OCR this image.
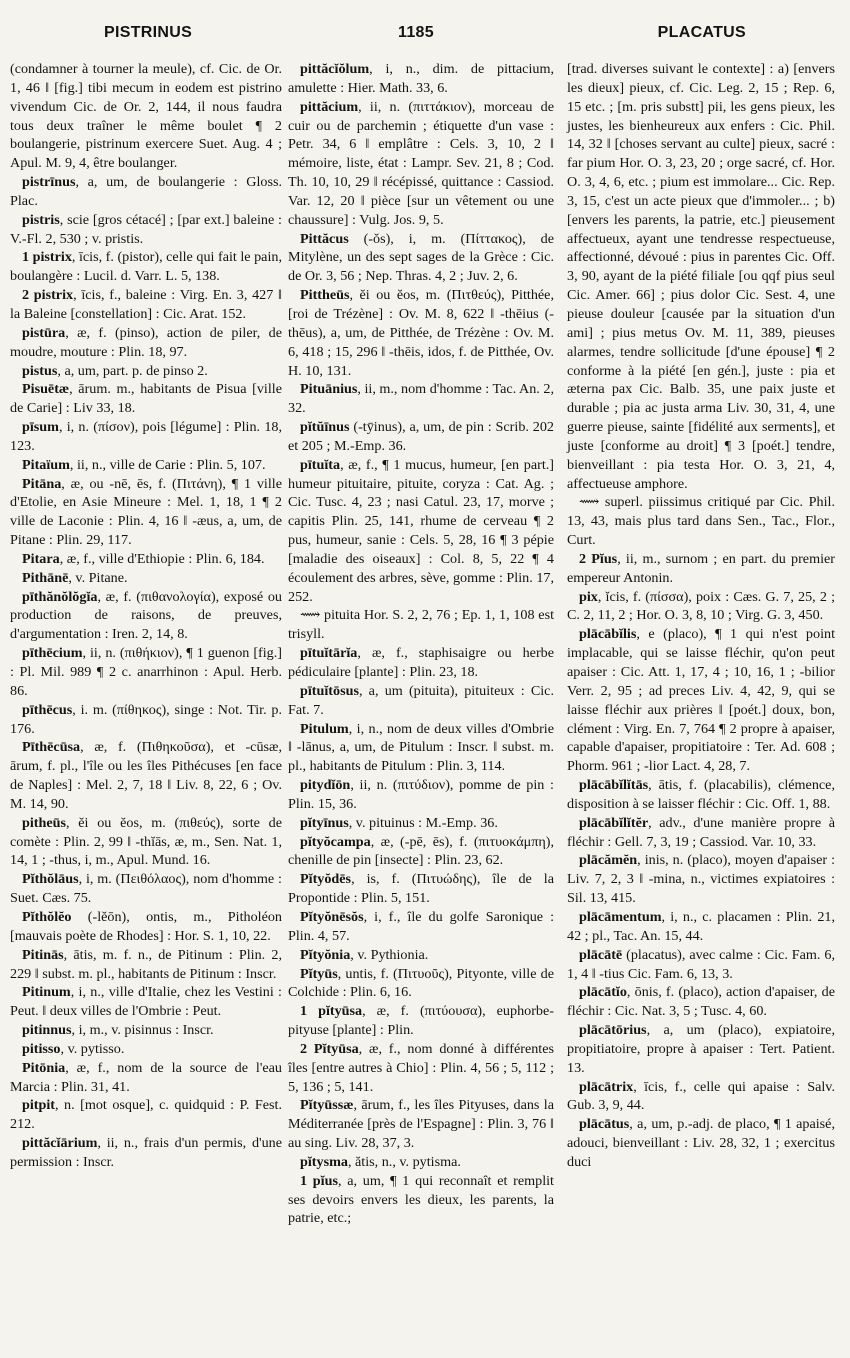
PISTRINUS	1185	PLACATUS

(condamner à tourner la meule), cf. Cic. de Or. 1, 46 ‖ [fig.] tibi mecum in eodem est pistrino vivendum Cic. de Or. 2, 144, il nous faudra tous deux traîner le même boulet ¶ 2 boulangerie, pistrinum exercere Suet. Aug. 4 ; Apul. M. 9, 4, être boulanger.

pistrīnus, a, um, de boulangerie : Gloss. Plac.

pistris, scie [gros cétacé] ; [par ext.] baleine : V.-Fl. 2, 530 ; v. pristis.

1 pistrix, īcis, f. (pistor), celle qui fait le pain, boulangère : Lucil. d. Varr. L. 5, 138.

2 pistrix, īcis, f., baleine : Virg. En. 3, 427 ‖ la Baleine [constellation] : Cic. Arat. 152.

pistūra, æ, f. (pinso), action de piler, de moudre, mouture : Plin. 18, 97.

pistus, a, um, part. p. de pinso 2.

Pisuētæ, ārum. m., habitants de Pisua [ville de Carie] : Liv 33, 18.

pīsum, i, n. (πίσον), pois [légume] : Plin. 18, 123.

Pitaïum, ii, n., ville de Carie : Plin. 5, 107.

Pitāna, æ, ou -nē, ēs, f. (Πιτάνη), ¶ 1 ville d'Etolie, en Asie Mineure : Mel. 1, 18, 1 ¶ 2 ville de Laconie : Plin. 4, 16 ‖ -æus, a, um, de Pitane : Plin. 29, 117.

Pitara, æ, f., ville d'Ethiopie : Plin. 6, 184.

Pithānē, v. Pitane.

pīthănŏlŏgĭa, æ, f. (πιθανολογία), exposé ou production de raisons, de preuves, d'argumentation : Iren. 2, 14, 8.

pīthēcium, ii, n. (πιθήκιον), ¶ 1 guenon [fig.] : Pl. Mil. 989 ¶ 2 c. anarrhinon : Apul. Herb. 86.

pīthēcus, i. m. (πίθηκος), singe : Not. Tir. p. 176.

Pīthēcūsa, æ, f. (Πιθηκοῦσα), et -cūsæ, ārum, f. pl., l'île ou les îles Pithécuses [en face de Naples] : Mel. 2, 7, 18 ‖ Liv. 8, 22, 6 ; Ov. M. 14, 90.

pitheūs, ĕi ou ĕos, m. (πιθεύς), sorte de comète : Plin. 2, 99 ‖ -thĭās, æ, m., Sen. Nat. 1, 14, 1 ; -thus, i, m., Apul. Mund. 16.

Pĭthŏlāus, i, m. (Πειθόλαος), nom d'homme : Suet. Cæs. 75.

Pĭthŏlĕo (-lĕōn), ontis, m., Pitholéon [mauvais poète de Rhodes] : Hor. S. 1, 10, 22.

Pitinās, ātis, m. f. n., de Pitinum : Plin. 2, 229 ‖ subst. m. pl., habitants de Pitinum : Inscr.

Pitinum, i, n., ville d'Italie, chez les Vestini : Peut. ‖ deux villes de l'Ombrie : Peut.

pitinnus, i, m., v. pisinnus : Inscr.

pitisso, v. pytisso.

Pitōnia, æ, f., nom de la source de l'eau Marcia : Plin. 31, 41.

pitpit, n. [mot osque], c. quidquid : P. Fest. 212.

pittăcĭārium, ii, n., frais d'un permis, d'une permission : Inscr.

pittăcĭŏlum, i, n., dim. de pittacium, amulette : Hier. Math. 33, 6.

pittăcium, ii, n. (πιττάκιον), morceau de cuir ou de parchemin ; étiquette d'un vase : Petr. 34, 6 ‖ emplâtre : Cels. 3, 10, 2 ‖ mémoire, liste, état : Lampr. Sev. 21, 8 ; Cod. Th. 10, 10, 29 ‖ récépissé, quittance : Cassiod. Var. 12, 20 ‖ pièce [sur un vêtement ou une chaussure] : Vulg. Jos. 9, 5.

Pittăcus (-ŏs), i, m. (Πίττακος), de Mitylène, un des sept sages de la Grèce : Cic. de Or. 3, 56 ; Nep. Thras. 4, 2 ; Juv. 2, 6.

Pittheūs, ĕi ou ĕos, m. (Πιτθεύς), Pitthée, [roi de Trézène] : Ov. M. 8, 622 ‖ -thēius (-thēus), a, um, de Pitthée, de Trézène : Ov. M. 6, 418 ; 15, 296 ‖ -thēis, idos, f. de Pitthée, Ov. H. 10, 131.

Pituānius, ii, m., nom d'homme : Tac. An. 2, 32.

pĭtŭīnus (-tȳinus), a, um, de pin : Scrib. 202 et 205 ; M.-Emp. 36.

pītuĭta, æ, f., ¶ 1 mucus, humeur, [en part.] humeur pituitaire, pituite, coryza : Cat. Ag. ; Cic. Tusc. 4, 23 ; nasi Catul. 23, 17, morve ; capitis Plin. 25, 141, rhume de cerveau ¶ 2 pus, humeur, sanie : Cels. 5, 28, 16 ¶ 3 pépie [maladie des oiseaux] : Col. 8, 5, 22 ¶ 4 écoulement des arbres, sève, gomme : Plin. 17, 252.

⟿ pituita Hor. S. 2, 2, 76 ; Ep. 1, 1, 108 est trisyll.

pītuĭtārĭa, æ, f., staphisaigre ou herbe pédiculaire [plante] : Plin. 23, 18.

pītuĭtōsus, a, um (pituita), pituiteux : Cic. Fat. 7.

Pitulum, i, n., nom de deux villes d'Ombrie ‖ -lānus, a, um, de Pitulum : Inscr. ‖ subst. m. pl., habitants de Pitulum : Plin. 3, 114.

pitydĭōn, ii, n. (πιτύδιον), pomme de pin : Plin. 15, 36.

pĭtyīnus, v. pituinus : M.-Emp. 36.

pĭtyŏcampa, æ, (-pē, ēs), f. (πιτυοκάμπη), chenille de pin [insecte] : Plin. 23, 62.

Pĭtyŏdēs, is, f. (Πιτυώδης), île de la Propontide : Plin. 5, 151.

Pĭtyŏnēsŏs, i, f., île du golfe Saronique : Plin. 4, 57.

Pĭtyŏnia, v. Pythionia.

Pĭtyūs, untis, f. (Πιτυοῦς), Pityonte, ville de Colchide : Plin. 6, 16.

1 pĭtyūsa, æ, f. (πιτύουσα), euphorbe-pityuse [plante] : Plin.

2 Pĭtyūsa, æ, f., nom donné à différentes îles [entre autres à Chio] : Plin. 4, 56 ; 5, 112 ; 5, 136 ; 5, 141.

Pĭtyūssæ, ārum, f., les îles Pityuses, dans la Méditerranée [près de l'Espagne] : Plin. 3, 76 ‖ au sing. Liv. 28, 37, 3.

pĭtysma, ătis, n., v. pytisma.

1 pĭus, a, um, ¶ 1 qui reconnaît et remplit ses devoirs envers les dieux, les parents, la patrie, etc.;

[trad. diverses suivant le contexte] : a) [envers les dieux] pieux, cf. Cic. Leg. 2, 15 ; Rep. 6, 15 etc. ; [m. pris substt] pii, les gens pieux, les justes, les bienheureux aux enfers : Cic. Phil. 14, 32 ‖ [choses servant au culte] pieux, sacré : far pium Hor. O. 3, 23, 20 ; orge sacré, cf. Hor. O. 3, 4, 6, etc. ; pium est immolare... Cic. Rep. 3, 15, c'est un acte pieux que d'immoler... ; b) [envers les parents, la patrie, etc.] pieusement affectueux, ayant une tendresse respectueuse, affectionné, dévoué : pius in parentes Cic. Off. 3, 90, ayant de la piété filiale [ou qqf pius seul Cic. Amer. 66] ; pius dolor Cic. Sest. 4, une pieuse douleur [causée par la situation d'un ami] ; pius metus Ov. M. 11, 389, pieuses alarmes, tendre sollicitude [d'une épouse] ¶ 2 conforme à la piété [en gén.], juste : pia et æterna pax Cic. Balb. 35, une paix juste et durable ; pia ac justa arma Liv. 30, 31, 4, une guerre pieuse, sainte [fidélité aux serments], et juste [conforme au droit] ¶ 3 [poét.] tendre, bienveillant : pia testa Hor. O. 3, 21, 4, affectueuse amphore.

⟿ superl. piissimus critiqué par Cic. Phil. 13, 43, mais plus tard dans Sen., Tac., Flor., Curt.

2 Pĭus, ii, m., surnom ; en part. du premier empereur Antonin.

pix, ĭcis, f. (πίσσα), poix : Cæs. G. 7, 25, 2 ; C. 2, 11, 2 ; Hor. O. 3, 8, 10 ; Virg. G. 3, 450.

plācābĭlis, e (placo), ¶ 1 qui n'est point implacable, qui se laisse fléchir, qu'on peut apaiser : Cic. Att. 1, 17, 4 ; 10, 16, 1 ; -bilior Verr. 2, 95 ; ad preces Liv. 4, 42, 9, qui se laisse fléchir aux prières ‖ [poét.] doux, bon, clément : Virg. En. 7, 764 ¶ 2 propre à apaiser, capable d'apaiser, propitiatoire : Ter. Ad. 608 ; Phorm. 961 ; -lior Lact. 4, 28, 7.

plācābĭlĭtās, ātis, f. (placabilis), clémence, disposition à se laisser fléchir : Cic. Off. 1, 88.

plācābĭlĭtĕr, adv., d'une manière propre à fléchir : Gell. 7, 3, 19 ; Cassiod. Var. 10, 33.

plācămĕn, inis, n. (placo), moyen d'apaiser : Liv. 7, 2, 3 ‖ -mina, n., victimes expiatoires : Sil. 13, 415.

plācāmentum, i, n., c. placamen : Plin. 21, 42 ; pl., Tac. An. 15, 44.

plācātē (placatus), avec calme : Cic. Fam. 6, 1, 4 ‖ -tius Cic. Fam. 6, 13, 3.

plācātĭo, ōnis, f. (placo), action d'apaiser, de fléchir : Cic. Nat. 3, 5 ; Tusc. 4, 60.

plācātōrius, a, um (placo), expiatoire, propitiatoire, propre à apaiser : Tert. Patient. 13.

plācātrix, īcis, f., celle qui apaise : Salv. Gub. 3, 9, 44.

plācātus, a, um, p.-adj. de placo, ¶ 1 apaisé, adouci, bienveillant : Liv. 28, 32, 1 ; exercitus duci
